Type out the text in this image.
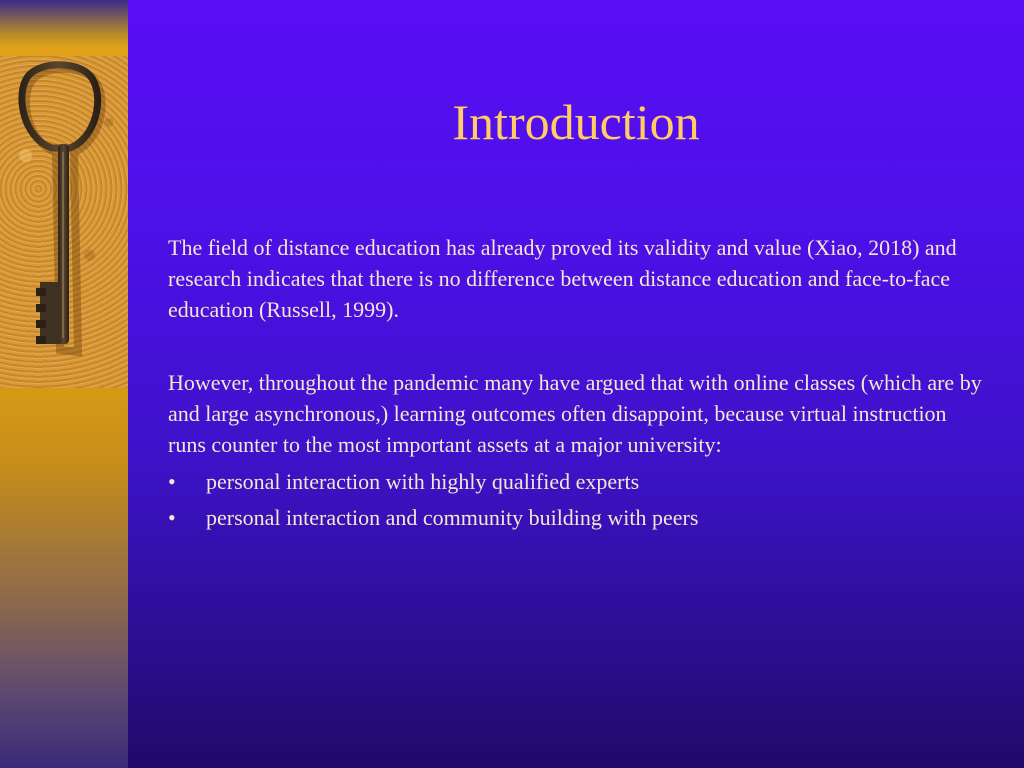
Introduction

The field of distance education has already proved its validity and value (Xiao, 2018) and research indicates that there is no difference between distance education and face-to-face education (Russell, 1999).

However, throughout the pandemic many have argued that with online classes (which are by and large asynchronous,) learning outcomes often disappoint, because virtual instruction runs counter to the most important assets at a major university:

• personal interaction with highly qualified experts
• personal interaction and community building with peers
